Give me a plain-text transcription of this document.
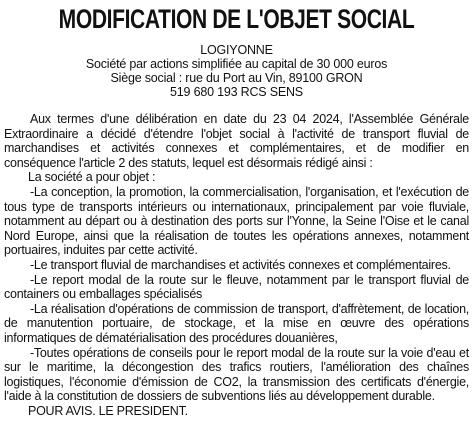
MODIFICATION DE L'OBJET SOCIAL
LOGIYONNE
Société par actions simplifiée au capital de 30 000 euros
Siège social : rue du Port au Vin, 89100 GRON
519 680 193 RCS SENS

Aux termes d'une délibération en date du 23 04 2024, l'Assemblée Générale Extraordinaire a décidé d'étendre l'objet social à l'activité de transport fluvial de marchandises et activités connexes et complémentaires, et de modifier en conséquence l'article 2 des statuts, lequel est désormais rédigé ainsi :

La société a pour objet :

-La conception, la promotion, la commercialisation, l'organisation, et l'exécution de tous type de transports intérieurs ou internationaux, principalement par voie fluviale, notamment au départ ou à destination des ports sur l'Yonne, la Seine l'Oise et le canal Nord Europe, ainsi que la réalisation de toutes les opérations annexes, notamment portuaires, induites par cette activité.

-Le transport fluvial de marchandises et activités connexes et complémentaires.

-Le report modal de la route sur le fleuve, notamment par le transport fluvial de containers ou emballages spécialisés

-La réalisation d'opérations de commission de transport, d'affrètement, de location, de manutention portuaire, de stockage, et la mise en œuvre des opérations informatiques de dématérialisation des procédures douanières,

-Toutes opérations de conseils pour le report modal de la route sur la voie d'eau et sur le maritime, la décongestion des trafics routiers, l'amélioration des chaînes logistiques, l'économie d'émission de CO2, la transmission des certificats d'énergie, l'aide à la constitution de dossiers de subventions liés au développement durable.

POUR AVIS. LE PRESIDENT.
